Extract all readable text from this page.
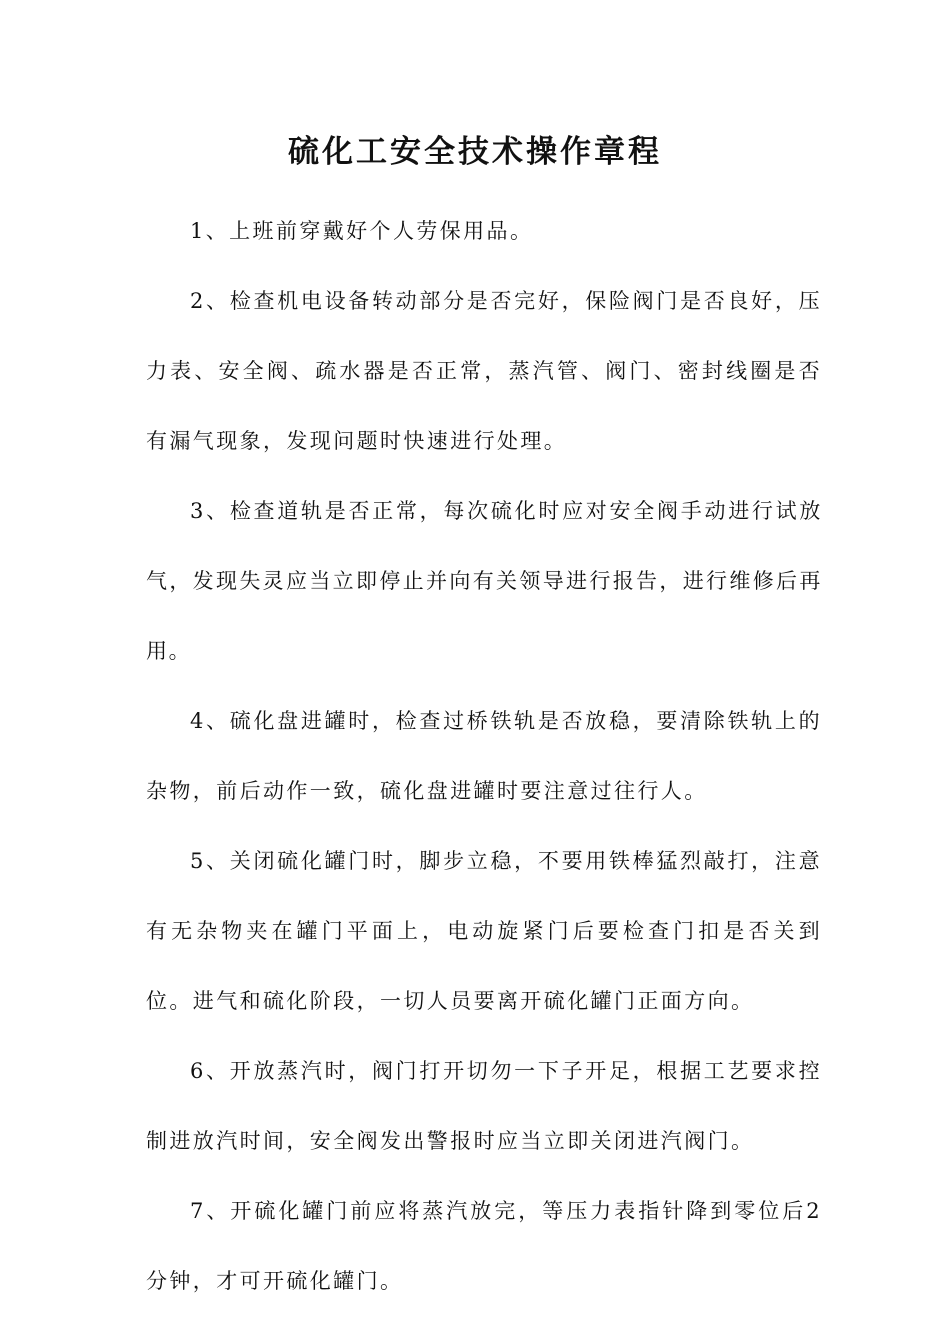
硫化工安全技术操作章程

1、上班前穿戴好个人劳保用品。

2、检查机电设备转动部分是否完好，保险阀门是否良好，压力表、安全阀、疏水器是否正常，蒸汽管、阀门、密封线圈是否有漏气现象，发现问题时快速进行处理。

3、检查道轨是否正常，每次硫化时应对安全阀手动进行试放气，发现失灵应当立即停止并向有关领导进行报告，进行维修后再用。

4、硫化盘进罐时，检查过桥铁轨是否放稳，要清除铁轨上的杂物，前后动作一致，硫化盘进罐时要注意过往行人。

5、关闭硫化罐门时，脚步立稳，不要用铁棒猛烈敲打，注意有无杂物夹在罐门平面上，电动旋紧门后要检查门扣是否关到位。进气和硫化阶段，一切人员要离开硫化罐门正面方向。

6、开放蒸汽时，阀门打开切勿一下子开足，根据工艺要求控制进放汽时间，安全阀发出警报时应当立即关闭进汽阀门。

7、开硫化罐门前应将蒸汽放完，等压力表指针降到零位后2分钟，才可开硫化罐门。
